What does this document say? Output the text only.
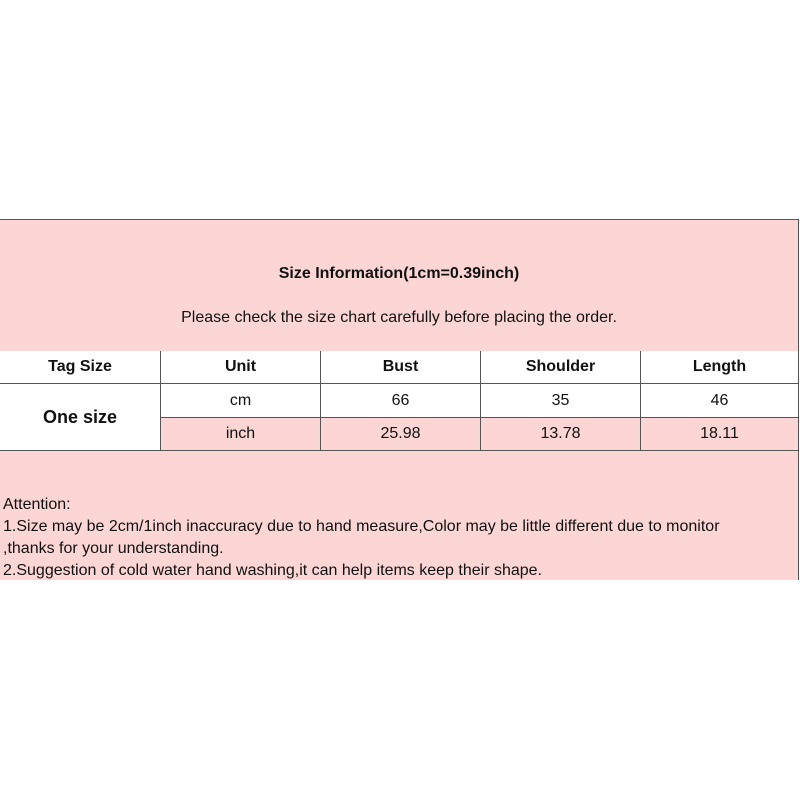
Size Information(1cm=0.39inch)
Please check the size chart carefully before placing the order.
Tag Size	Unit	Bust	Shoulder	Length
One size
cm	66	35	46
inch	25.98	13.78	18.11
Attention:
1.Size may be 2cm/1inch inaccuracy due to hand measure,Color may be little different due to monitor
,thanks for your understanding.
2.Suggestion of cold water hand washing,it can help items keep their shape.
